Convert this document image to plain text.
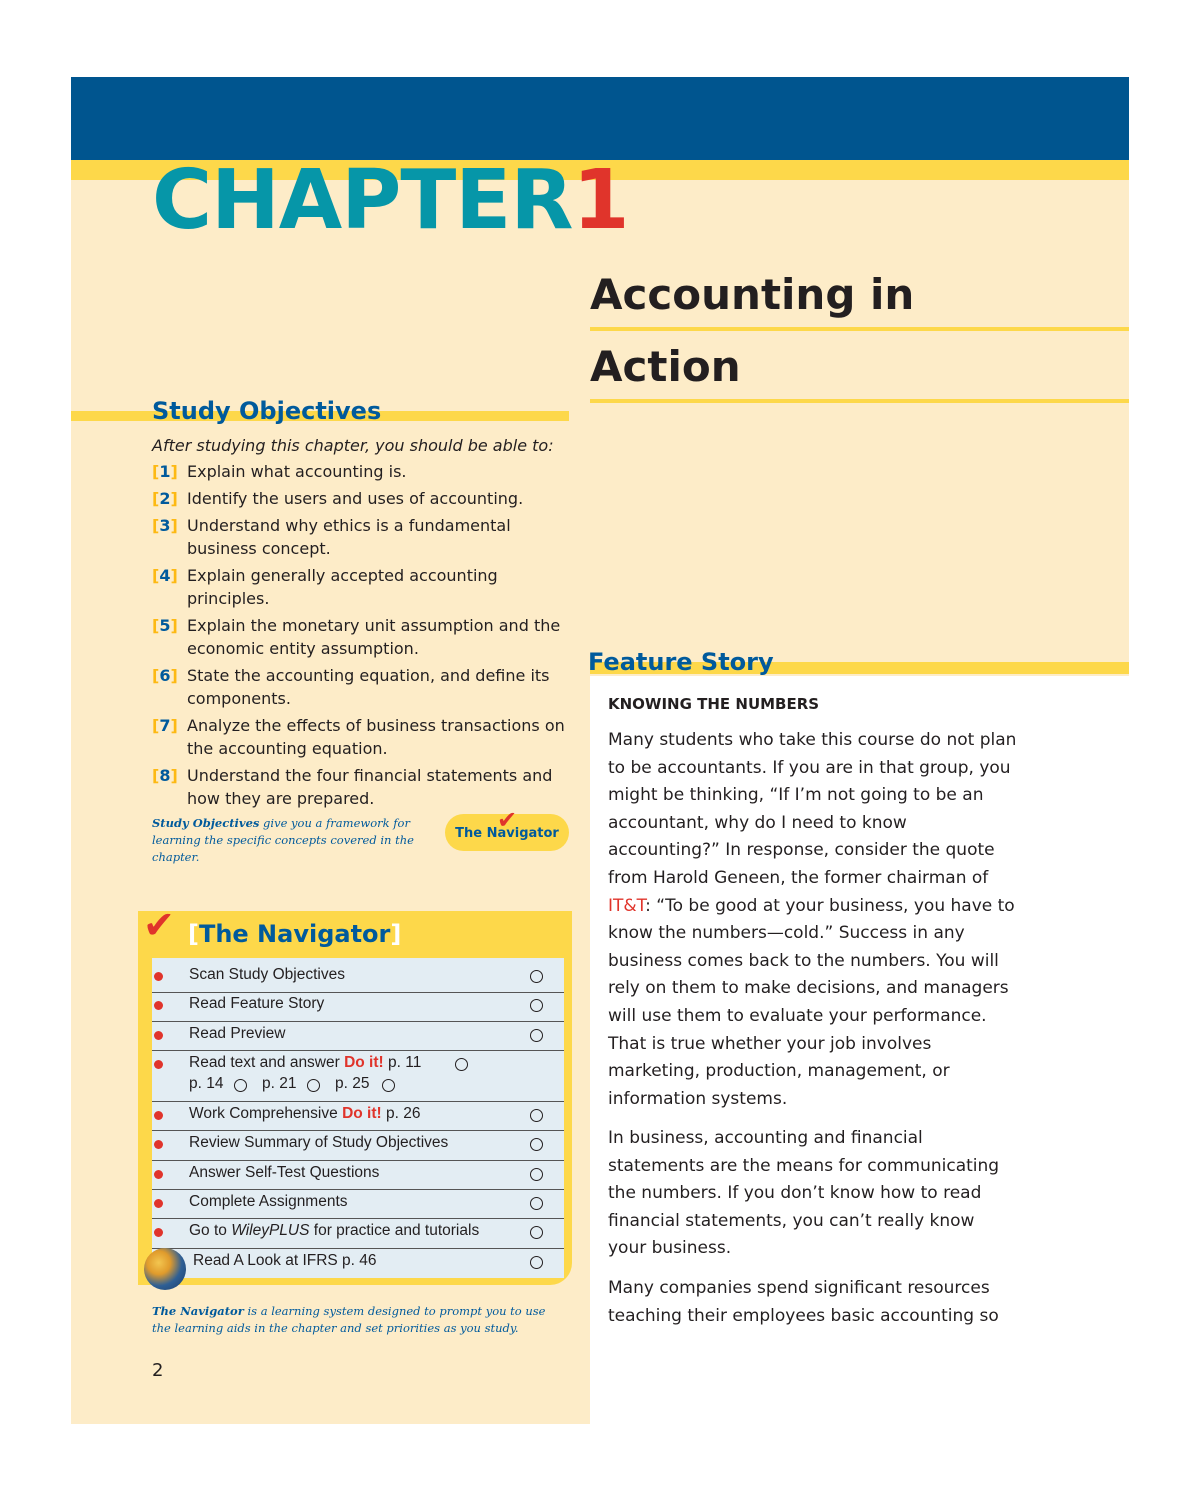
CHAPTER1
Accounting in
Action
Study Objectives

After studying this chapter, you should be able to:

[1] Explain what accounting is.
[2] Identify the users and uses of accounting.
[3] Understand why ethics is a fundamental business concept.
[4] Explain generally accepted accounting principles.
[5] Explain the monetary unit assumption and the economic entity assumption.
[6] State the accounting equation, and define its components.
[7] Analyze the effects of business transactions on the accounting equation.
[8] Understand the four financial statements and how they are prepared.

Study Objectives give you a framework for learning the specific concepts covered in the chapter.

✔
The Navigator
✔ [The Navigator]
Scan Study Objectives
Read Feature Story
Read Preview
Read text and answer Do it! p. 11
p. 14 p. 21 p. 25
Work Comprehensive Do it! p. 26
Review Summary of Study Objectives
Answer Self-Test Questions
Complete Assignments
Go to WileyPLUS for practice and tutorials
Read A Look at IFRS p. 46

The Navigator is a learning system designed to prompt you to use the learning aids in the chapter and set priorities as you study.

2

Feature Story

KNOWING THE NUMBERS

Many students who take this course do not plan to be accountants. If you are in that group, you might be thinking, “If I’m not going to be an accountant, why do I need to know accounting?” In response, consider the quote from Harold Geneen, the former chairman of IT&T: “To be good at your business, you have to know the numbers—cold.” Success in any business comes back to the numbers. You will rely on them to make decisions, and managers will use them to evaluate your performance. That is true whether your job involves marketing, production, management, or information systems.

In business, accounting and financial statements are the means for communicating the numbers. If you don’t know how to read financial statements, you can’t really know your business.

Many companies spend significant resources teaching their employees basic accounting so
